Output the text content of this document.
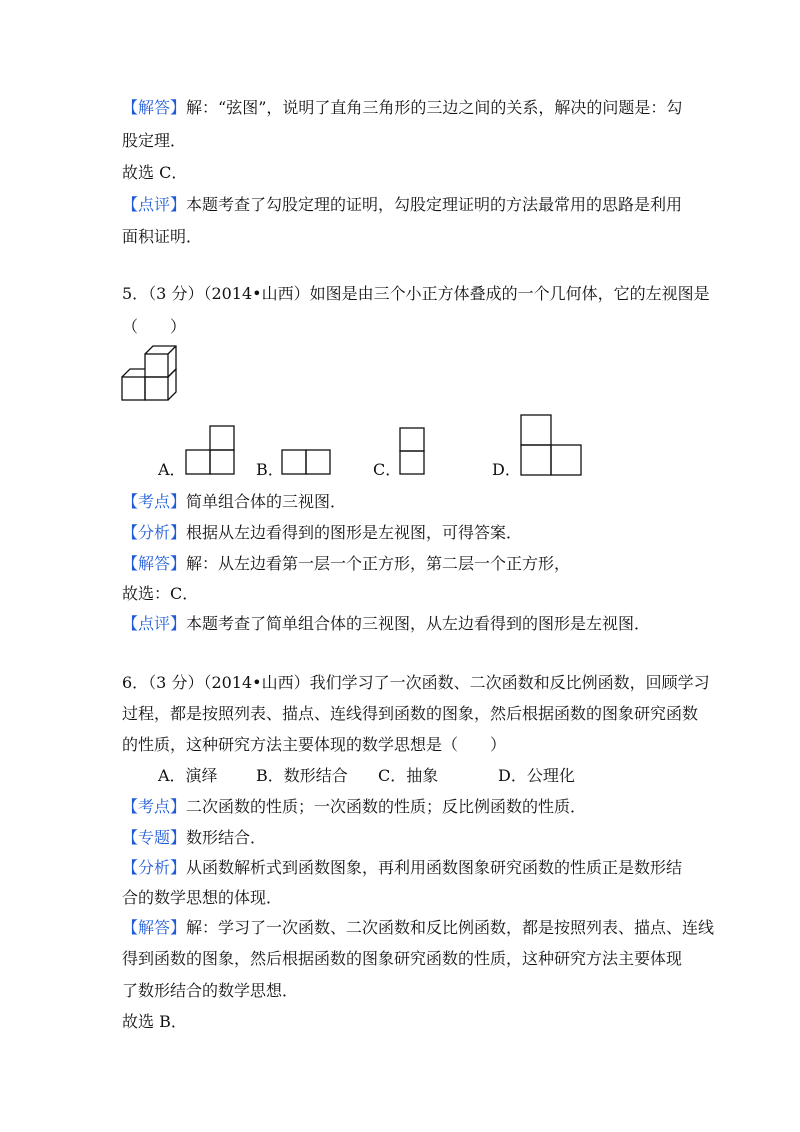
【解答】解：“弦图”，说明了直角三角形的三边之间的关系，解决的问题是：勾
股定理．
故选 C．
【点评】本题考查了勾股定理的证明，勾股定理证明的方法最常用的思路是利用
面积证明．
5．（3 分）（2014•山西）如图是由三个小正方体叠成的一个几何体，它的左视图是
（　　）
A．	B．	C．	D．
【考点】简单组合体的三视图．
【分析】根据从左边看得到的图形是左视图，可得答案．
【解答】解：从左边看第一层一个正方形，第二层一个正方形，
故选：C．
【点评】本题考查了简单组合体的三视图，从左边看得到的图形是左视图．
6．（3 分）（2014•山西）我们学习了一次函数、二次函数和反比例函数，回顾学习
过程，都是按照列表、描点、连线得到函数的图象，然后根据函数的图象研究函数
的性质，这种研究方法主要体现的数学思想是（　　）
A．演绎 B．数形结合 C．抽象	D．公理化
【考点】二次函数的性质；一次函数的性质；反比例函数的性质．
【专题】数形结合．
【分析】从函数解析式到函数图象，再利用函数图象研究函数的性质正是数形结
合的数学思想的体现．
【解答】解：学习了一次函数、二次函数和反比例函数，都是按照列表、描点、连线
得到函数的图象，然后根据函数的图象研究函数的性质，这种研究方法主要体现
了数形结合的数学思想．
故选 B．
